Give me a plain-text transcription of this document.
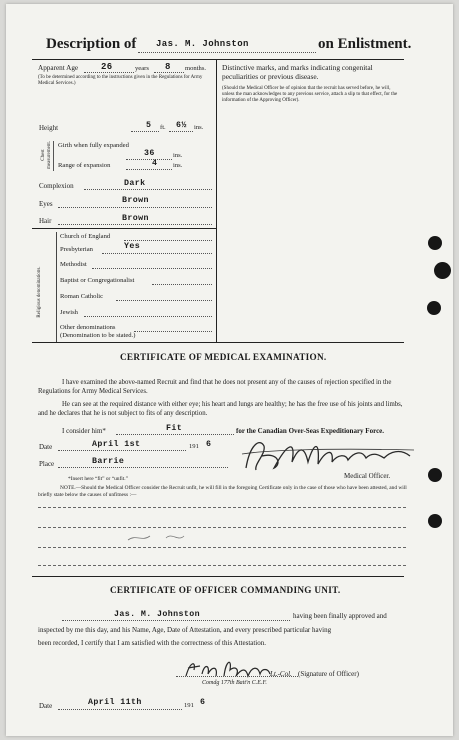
Description of Jas. M. Johnston	on Enlistment.
Apparent Age	26	years 8 months.
(To be determined according to the instructions given in the Regulations for Army Medical Services.)
Height	5 ft. 6½ ins.
Chest measurement. Girth when fully expanded
36	ins.
Range of expansion	4 ins.
Complexion	Dark
Eyes	Brown
Hair	Brown
Religious denominations.
Church of England
Presbyterian	Yes
Methodist
Baptist or Congregationalist
Roman Catholic
Jewish
Other denominations (Denomination to be stated.)
Distinctive marks, and marks indicating congenital peculiarities or previous disease.
(Should the Medical Officer be of opinion that the recruit has served before, he will, unless the man acknowledges to any previous service, attach a slip to that effect, for the information of the Approving Officer).
CERTIFICATE OF MEDICAL EXAMINATION.
I have examined the above-named Recruit and find that he does not present any of the causes of rejection specified in the Regulations for Army Medical Services.
He can see at the required distance with either eye; his heart and lungs are healthy; he has the free use of his joints and limbs, and he declares that he is not subject to fits of any description.
I consider him*	Fit	for the Canadian Over-Seas Expeditionary Force.
Date	April 1st	191 6
Place	Barrie
Medical Officer.
*Insert here “fit” or “unfit.”
NOTE.—Should the Medical Officer consider the Recruit unfit, he will fill in the foregoing Certificate only in the case of those who have been attested, and will briefly state below the causes of unfitness :—
CERTIFICATE OF OFFICER COMMANDING UNIT.
Jas. M. Johnston	having been finally approved and
inspected by me this day, and his Name, Age, Date of Attestation, and every prescribed particular having
been recorded, I certify that I am satisfied with the correctness of this Attestation.
Lt.-Col. (Signature of Officer)
Comdg 177th Batt'n C.E.F.
Date	April 11th	191 6
